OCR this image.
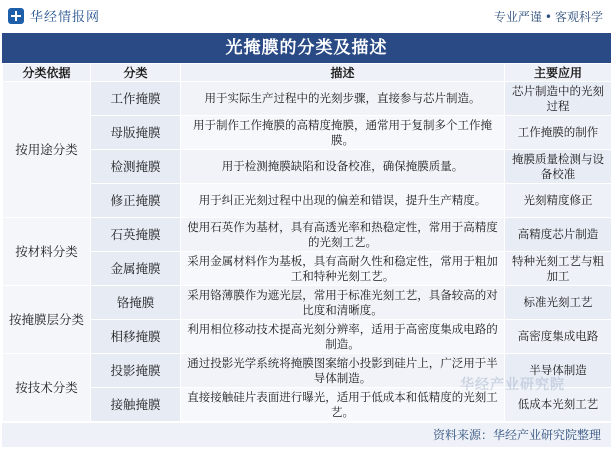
华经情报网	专业严谨 • 客观科学
光掩膜的分类及描述
分类依据	分类	描述	主要应用
按用途分类	工作掩膜	用于实际生产过程中的光刻步骤，直接参与芯片制造。	芯片制造中的光刻过程
	母版掩膜	用于制作工作掩膜的高精度掩膜，通常用于复制多个工作掩膜。	工作掩膜的制作
	检测掩膜	用于检测掩膜缺陷和设备校准，确保掩膜质量。	掩膜质量检测与设备校准
	修正掩膜	用于纠正光刻过程中出现的偏差和错误，提升生产精度。	光刻精度修正
按材料分类	石英掩膜	使用石英作为基材，具有高透光率和热稳定性，常用于高精度的光刻工艺。	高精度芯片制造
	金属掩膜	采用金属材料作为基板，具有高耐久性和稳定性，常用于粗加工和特种光刻工艺。	特种光刻工艺与粗加工
按掩膜层分类	铬掩膜	采用铬薄膜作为遮光层，常用于标准光刻工艺，具备较高的对比度和清晰度。	标准光刻工艺
	相移掩膜	利用相位移动技术提高光刻分辨率，适用于高密度集成电路的制造。	高密度集成电路
按技术分类	投影掩膜	通过投影光学系统将掩膜图案缩小投影到硅片上，广泛用于半导体制造。	半导体制造
	接触掩膜	直接接触硅片表面进行曝光，适用于低成本和低精度的光刻工艺。	低成本光刻工艺
华经产业研究院
资料来源：华经产业研究院整理
